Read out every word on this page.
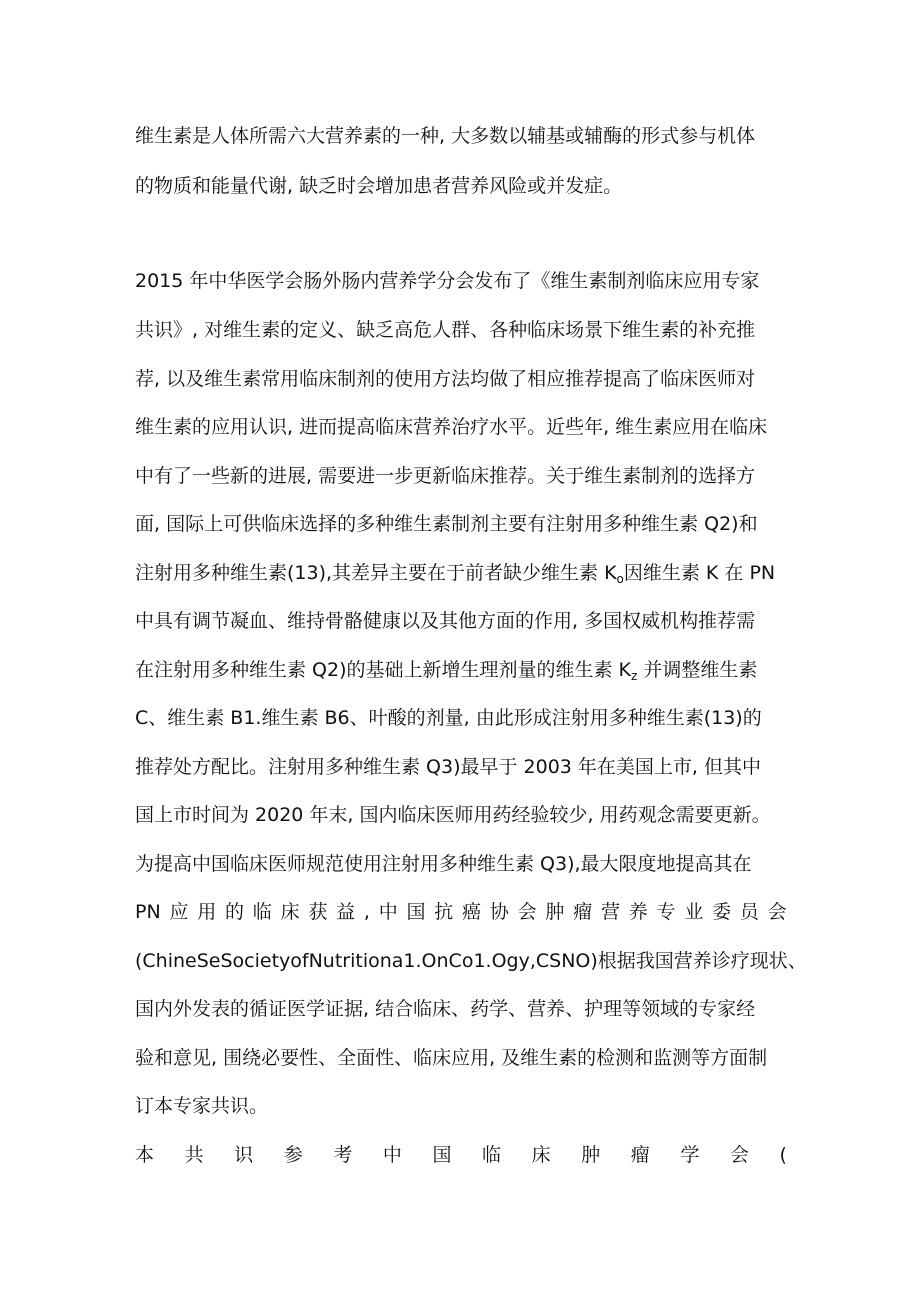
维生素是人体所需六大营养素的一种, 大多数以辅基或辅酶的形式参与机体
的物质和能量代谢, 缺乏时会增加患者营养风险或并发症。
2015 年中华医学会肠外肠内营养学分会发布了《维生素制剂临床应用专家
共识》, 对维生素的定义、缺乏高危人群、各种临床场景下维生素的补充推
荐, 以及维生素常用临床制剂的使用方法均做了相应推荐提高了临床医师对
维生素的应用认识, 进而提高临床营养治疗水平。近些年, 维生素应用在临床
中有了一些新的进展, 需要进一步更新临床推荐。关于维生素制剂的选择方
面, 国际上可供临床选择的多种维生素制剂主要有注射用多种维生素 Q2)和
注射用多种维生素(13),其差异主要在于前者缺少维生素 $K_o$因维生素 K 在 PN
中具有调节凝血、维持骨骼健康以及其他方面的作用, 多国权威机构推荐需
在注射用多种维生素 Q2)的基础上新增生理剂量的维生素 $K_z$ 并调整维生素
C、维生素 B1.维生素 B6、叶酸的剂量, 由此形成注射用多种维生素(13)的
推荐处方配比。注射用多种维生素 Q3)最早于 2003 年在美国上市, 但其中
国上市时间为 2020 年末, 国内临床医师用药经验较少, 用药观念需要更新。
为提高中国临床医师规范使用注射用多种维生素 Q3),最大限度地提高其在
PN 应 用 的 临 床 获 益 , 中 国 抗 癌 协 会 肿 瘤 营 养 专 业 委 员 会
(ChineSeSocietyofNutritiona1.OnCo1.Ogy,CSNO)根据我国营养诊疗现状、
国内外发表的循证医学证据, 结合临床、药学、营养、护理等领域的专家经
验和意见, 围绕必要性、全面性、临床应用, 及维生素的检测和监测等方面制
订本专家共识。
本 共 识 参 考 中 国 临 床 肿 瘤 学 会 (
